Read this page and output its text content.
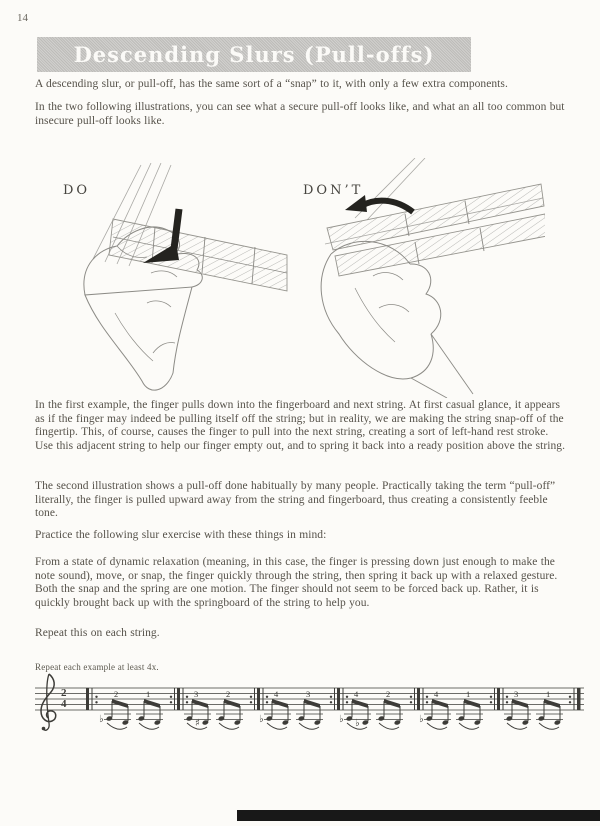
14
Descending Slurs (Pull-offs)
A descending slur, or pull-off, has the same sort of a “snap” to it, with only a few extra components.
In the two following illustrations, you can see what a secure pull-off looks like, and what an all too common but insecure pull-off looks like.
DO	DON’T
In the first example, the finger pulls down into the fingerboard and next string. At first casual glance, it appears as if the finger may indeed be pulling itself off the string; but in reality, we are making the string snap-off of the fingertip. This, of course, causes the finger to pull into the next string, creating a sort of left-hand rest stroke. Use this adjacent string to help our finger empty out, and to spring it back into a ready position above the string.
The second illustration shows a pull-off done habitually by many people. Practically taking the term “pull-off” literally, the finger is pulled upward away from the string and fingerboard, thus creating a consistently feeble tone.
Practice the following slur exercise with these things in mind:
From a state of dynamic relaxation (meaning, in this case, the finger is pressing down just enough to make the note sound), move, or snap, the finger quickly through the string, then spring it back up with a relaxed gesture. Both the snap and the spring are one motion. The finger should not seem to be forced back up. Rather, it is quickly brought back up with the springboard of the string to help you.
Repeat this on each string.
Repeat each example at least 4x.
2
4
2	1
♭
3	2
♯
4	3
♭
4	2
♭ ♭
4	1
♭
3	1
